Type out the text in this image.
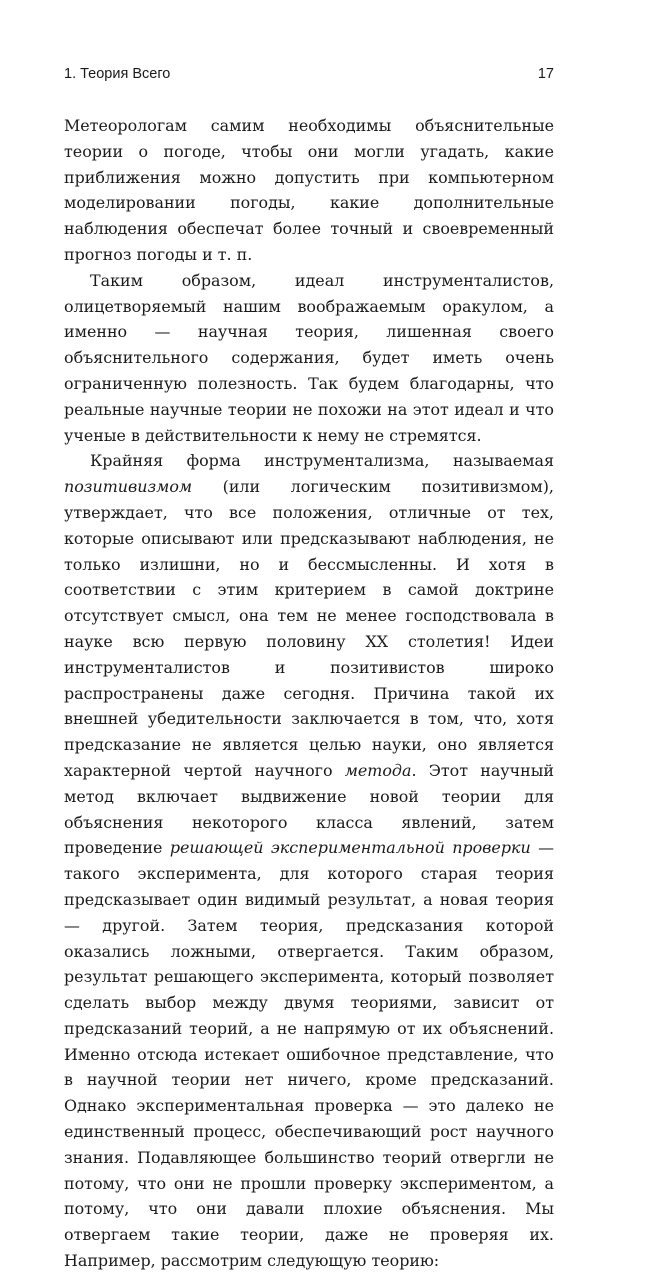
1. Теория Всего	17

Метеорологам самим необходимы объяснительные теории о погоде, чтобы они могли угадать, какие приближения можно допустить при компьютерном моделировании погоды, какие дополнительные наблюдения обеспечат более точный и своевременный прогноз погоды и т. п.

Таким образом, идеал инструменталистов, олицетворяемый нашим воображаемым оракулом, а именно — научная теория, лишенная своего объяснительного содержания, будет иметь очень ограниченную полезность. Так будем благодарны, что реальные научные теории не похожи на этот идеал и что ученые в действительности к нему не стремятся.

Крайняя форма инструментализма, называемая позитивизмом (или логическим позитивизмом), утверждает, что все положения, отличные от тех, которые описывают или предсказывают наблюдения, не только излишни, но и бессмысленны. И хотя в соответствии с этим критерием в самой доктрине отсутствует смысл, она тем не менее господствовала в науке всю первую половину XX столетия! Идеи инструменталистов и позитивистов широко распространены даже сегодня. Причина такой их внешней убедительности заключается в том, что, хотя предсказание не является целью науки, оно является характерной чертой научного метода. Этот научный метод включает выдвижение новой теории для объяснения некоторого класса явлений, затем проведение решающей экспериментальной проверки — такого эксперимента, для которого старая теория предсказывает один видимый результат, а новая теория — другой. Затем теория, предсказания которой оказались ложными, отвергается. Таким образом, результат решающего эксперимента, который позволяет сделать выбор между двумя теориями, зависит от предсказаний теорий, а не напрямую от их объяснений. Именно отсюда истекает ошибочное представление, что в научной теории нет ничего, кроме предсказаний. Однако экспериментальная проверка — это далеко не единственный процесс, обеспечивающий рост научного знания. Подавляющее большинство теорий отвергли не потому, что они не прошли проверку экспериментом, а потому, что они давали плохие объяснения. Мы отвергаем такие теории, даже не проверяя их. Например, рассмотрим следующую теорию:
